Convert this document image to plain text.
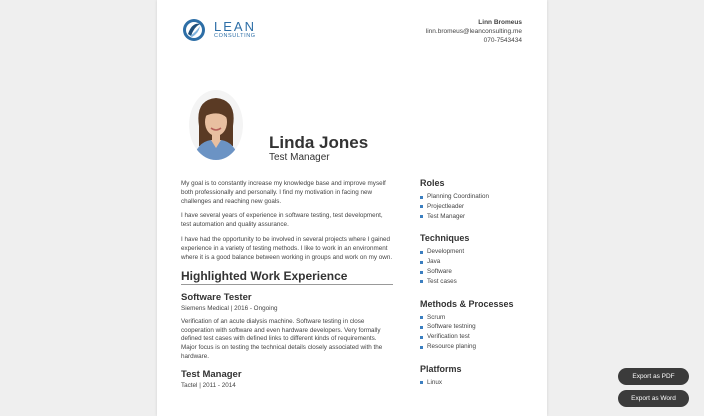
LEAN
CONSULTING
Linn Bromeus
linn.bromeus@leanconsulting.me
070-7543434
Linda Jones
Test Manager

My goal is to constantly increase my knowledge base and improve myself both professionally and personally. I find my motivation in facing new challenges and reaching new goals.

I have several years of experience in software testing, test development, test automation and quality assurance.

I have had the opportunity to be involved in several projects where I gained experience in a variety of testing methods. I like to work in an environment where it is a good balance between working in groups and work on my own.

Highlighted Work Experience
Software Tester
Siemens Medical | 2016 - Ongoing
Verification of an acute dialysis machine. Software testing in close cooperation with software and even hardware developers. Very formally defined test cases with defined links to different kinds of requirements. Major focus is on testing the technical details closely associated with the hardware.
Test Manager
Tactel | 2011 - 2014
Roles
Planning Coordination
Projectleader
Test Manager
Techniques
Development
Java
Software
Test cases
Methods & Processes
Scrum
Software testning
Verification test
Resource planing
Platforms
Linux
Export as PDF
Export as Word
